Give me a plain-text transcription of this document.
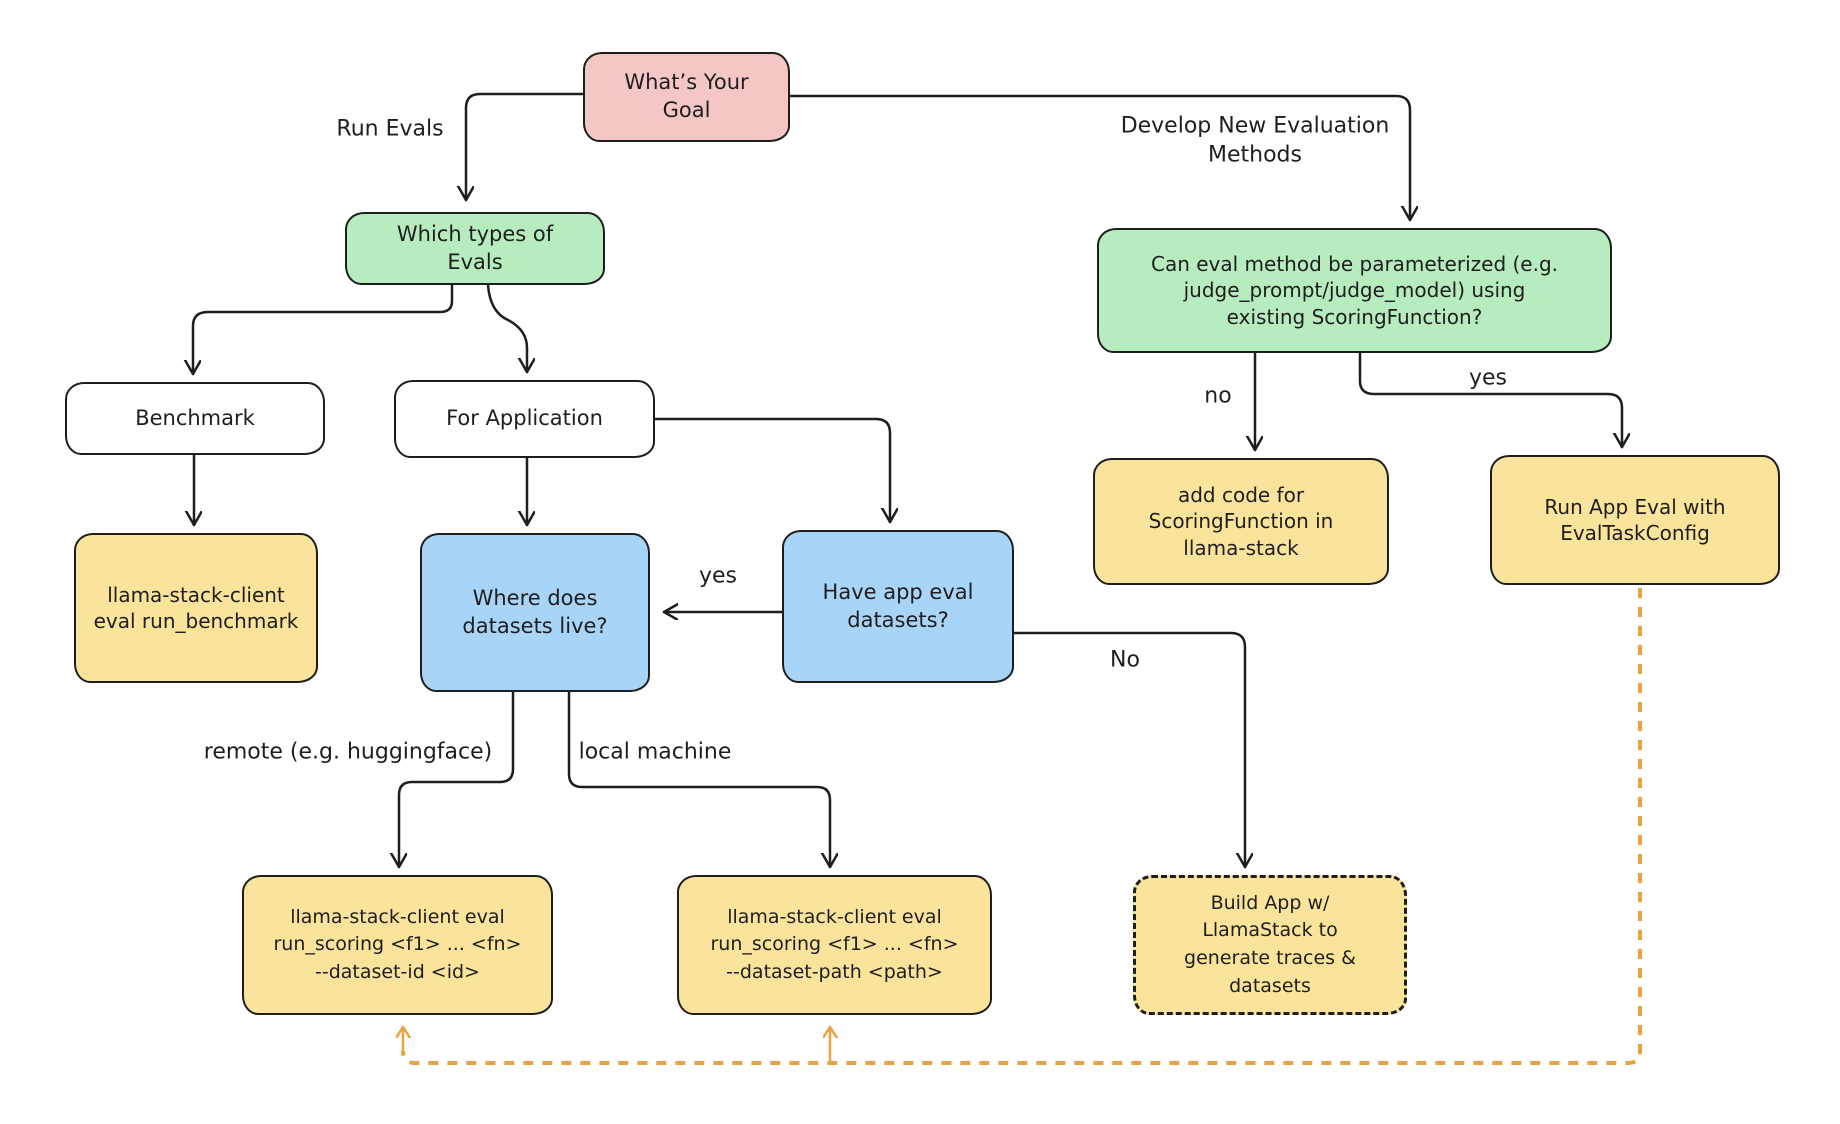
What’s Your
Goal
Which types of
Evals
Benchmark	For Application
llama-stack-client
eval run_benchmark
Where does
datasets live?
Have app eval
datasets?
Can eval method be parameterized (e.g.
judge_prompt/judge_model) using
existing ScoringFunction?
add code for
ScoringFunction in
llama-stack
Run App Eval with
EvalTaskConfig
llama-stack-client eval
run_scoring <f1> ... <fn>
--dataset-id <id>
llama-stack-client eval
run_scoring <f1> ... <fn>
--dataset-path <path>
Build App w/
LlamaStack to
generate traces &
datasets
Run Evals	Develop New Evaluation
Methods
no
yes
yes
No
remote (e.g. huggingface)	local machine
